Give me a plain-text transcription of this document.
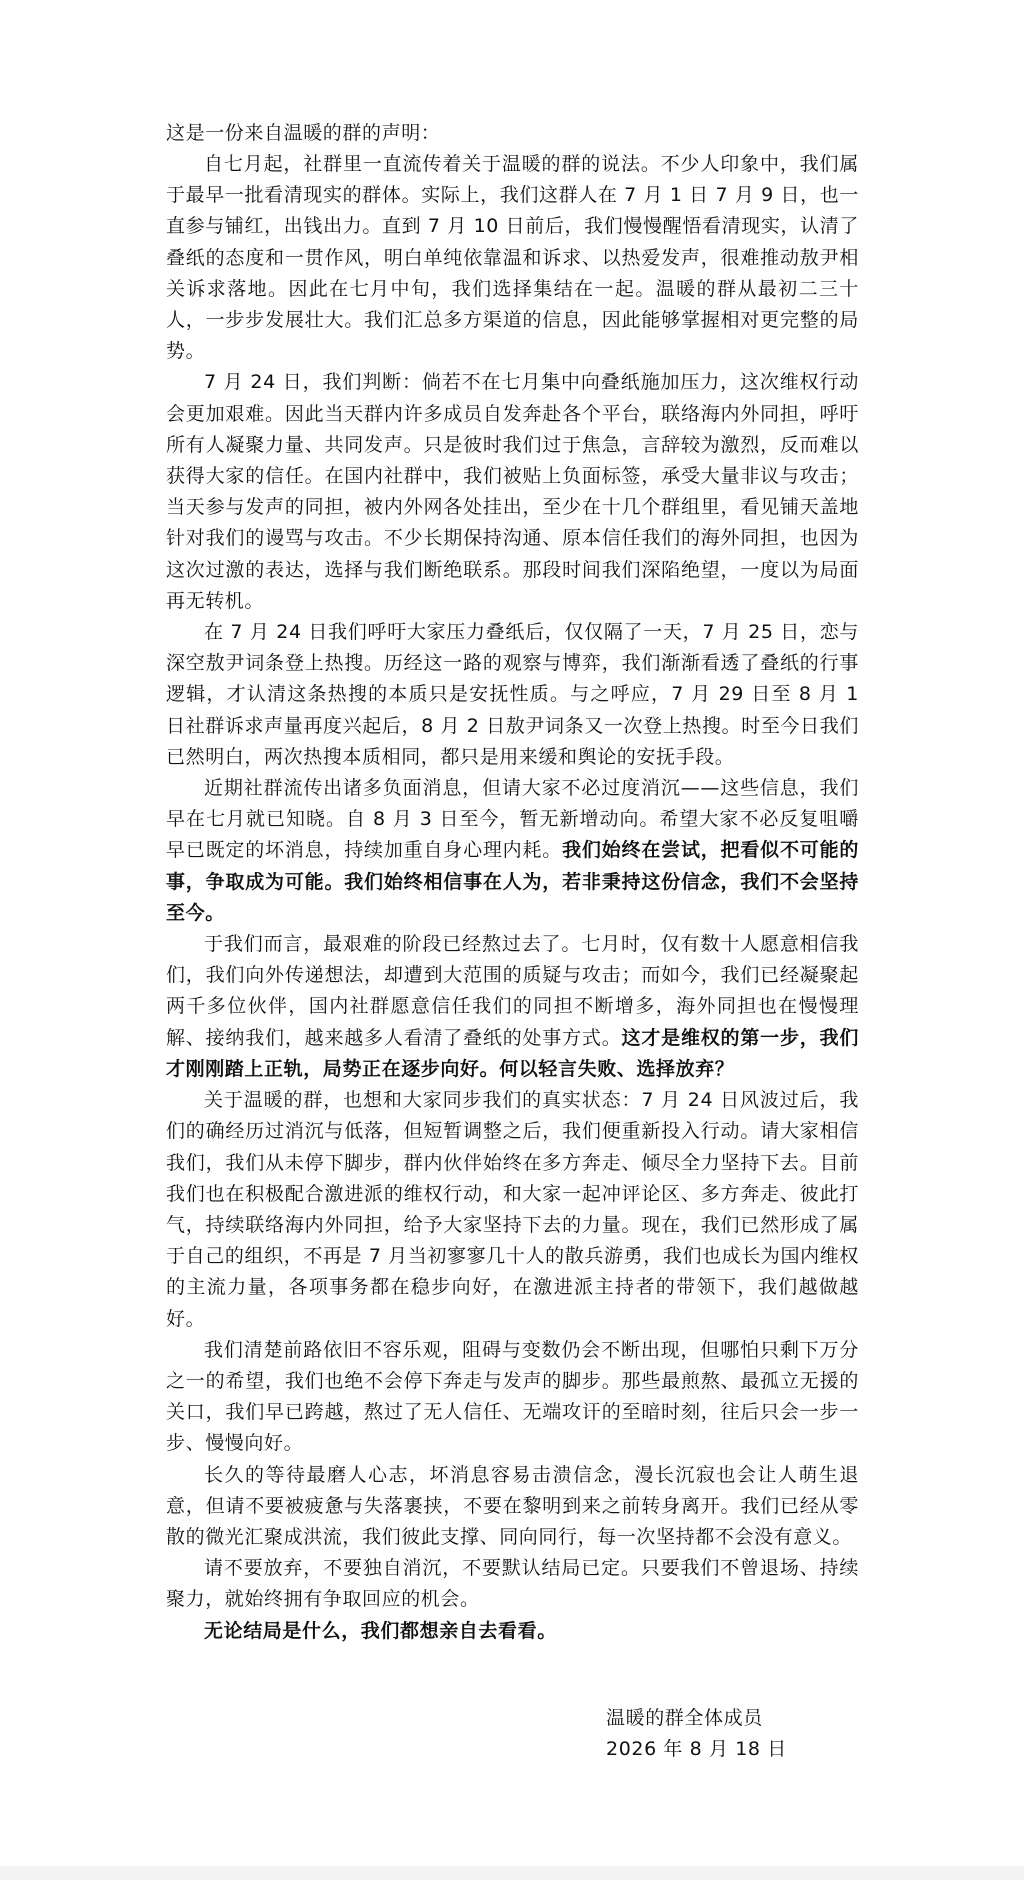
这是一份来自温暖的群的声明：

自七月起，社群里一直流传着关于温暖的群的说法。不少人印象中，我们属于最早一批看清现实的群体。实际上，我们这群人在 7 月 1 日 7 月 9 日，也一直参与铺红，出钱出力。直到 7 月 10 日前后，我们慢慢醒悟看清现实，认清了叠纸的态度和一贯作风，明白单纯依靠温和诉求、以热爱发声，很难推动敖尹相关诉求落地。因此在七月中旬，我们选择集结在一起。温暖的群从最初二三十人，一步步发展壮大。我们汇总多方渠道的信息，因此能够掌握相对更完整的局势。

7 月 24 日，我们判断：倘若不在七月集中向叠纸施加压力，这次维权行动会更加艰难。因此当天群内许多成员自发奔赴各个平台，联络海内外同担，呼吁所有人凝聚力量、共同发声。只是彼时我们过于焦急，言辞较为激烈，反而难以获得大家的信任。在国内社群中，我们被贴上负面标签，承受大量非议与攻击；当天参与发声的同担，被内外网各处挂出，至少在十几个群组里，看见铺天盖地针对我们的谩骂与攻击。不少长期保持沟通、原本信任我们的海外同担，也因为这次过激的表达，选择与我们断绝联系。那段时间我们深陷绝望，一度以为局面再无转机。

在 7 月 24 日我们呼吁大家压力叠纸后，仅仅隔了一天，7 月 25 日，恋与深空敖尹词条登上热搜。历经这一路的观察与博弈，我们渐渐看透了叠纸的行事逻辑，才认清这条热搜的本质只是安抚性质。与之呼应，7 月 29 日至 8 月 1 日社群诉求声量再度兴起后，8 月 2 日敖尹词条又一次登上热搜。时至今日我们已然明白，两次热搜本质相同，都只是用来缓和舆论的安抚手段。

近期社群流传出诸多负面消息，但请大家不必过度消沉——这些信息，我们早在七月就已知晓。自 8 月 3 日至今，暂无新增动向。希望大家不必反复咀嚼早已既定的坏消息，持续加重自身心理内耗。我们始终在尝试，把看似不可能的事，争取成为可能。我们始终相信事在人为，若非秉持这份信念，我们不会坚持至今。

于我们而言，最艰难的阶段已经熬过去了。七月时，仅有数十人愿意相信我们，我们向外传递想法，却遭到大范围的质疑与攻击；而如今，我们已经凝聚起两千多位伙伴，国内社群愿意信任我们的同担不断增多，海外同担也在慢慢理解、接纳我们，越来越多人看清了叠纸的处事方式。这才是维权的第一步，我们才刚刚踏上正轨，局势正在逐步向好。何以轻言失败、选择放弃？

关于温暖的群，也想和大家同步我们的真实状态：7 月 24 日风波过后，我们的确经历过消沉与低落，但短暂调整之后，我们便重新投入行动。请大家相信我们，我们从未停下脚步，群内伙伴始终在多方奔走、倾尽全力坚持下去。目前我们也在积极配合激进派的维权行动，和大家一起冲评论区、多方奔走、彼此打气，持续联络海内外同担，给予大家坚持下去的力量。现在，我们已然形成了属于自己的组织，不再是 7 月当初寥寥几十人的散兵游勇，我们也成长为国内维权的主流力量，各项事务都在稳步向好，在激进派主持者的带领下，我们越做越好。

我们清楚前路依旧不容乐观，阻碍与变数仍会不断出现，但哪怕只剩下万分之一的希望，我们也绝不会停下奔走与发声的脚步。那些最煎熬、最孤立无援的关口，我们早已跨越，熬过了无人信任、无端攻讦的至暗时刻，往后只会一步一步、慢慢向好。

长久的等待最磨人心志，坏消息容易击溃信念，漫长沉寂也会让人萌生退意，但请不要被疲惫与失落裹挟，不要在黎明到来之前转身离开。我们已经从零散的微光汇聚成洪流，我们彼此支撑、同向同行，每一次坚持都不会没有意义。

请不要放弃，不要独自消沉，不要默认结局已定。只要我们不曾退场、持续聚力，就始终拥有争取回应的机会。

无论结局是什么，我们都想亲自去看看。

温暖的群全体成员
2026 年 8 月 18 日
